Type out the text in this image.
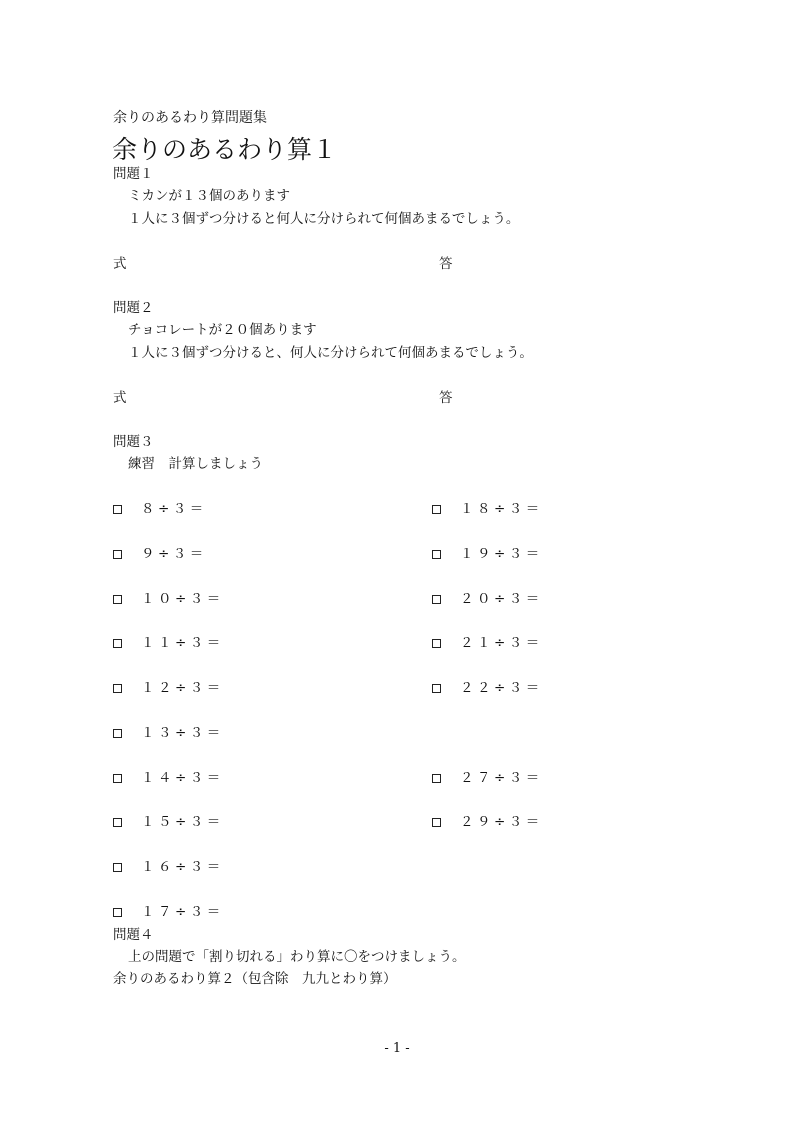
余りのあるわり算問題集
余りのあるわり算１
問題１
ミカンが１３個のあります
１人に３個ずつ分けると何人に分けられて何個あまるでしょう。
式	答
問題２
チョコレートが２０個あります
１人に３個ずつ分けると、何人に分けられて何個あまるでしょう。
式	答
問題３
練習　計算しましょう
８÷３＝
９÷３＝
１０÷３＝
１１÷３＝
１２÷３＝
１３÷３＝
１４÷３＝
１５÷３＝
１６÷３＝
１７÷３＝
１８÷３＝
１９÷３＝
２０÷３＝
２１÷３＝
２２÷３＝
２７÷３＝
２９÷３＝
問題４
上の問題で「割り切れる」わり算に〇をつけましょう。
余りのあるわり算２（包含除　九九とわり算）
- 1 -
